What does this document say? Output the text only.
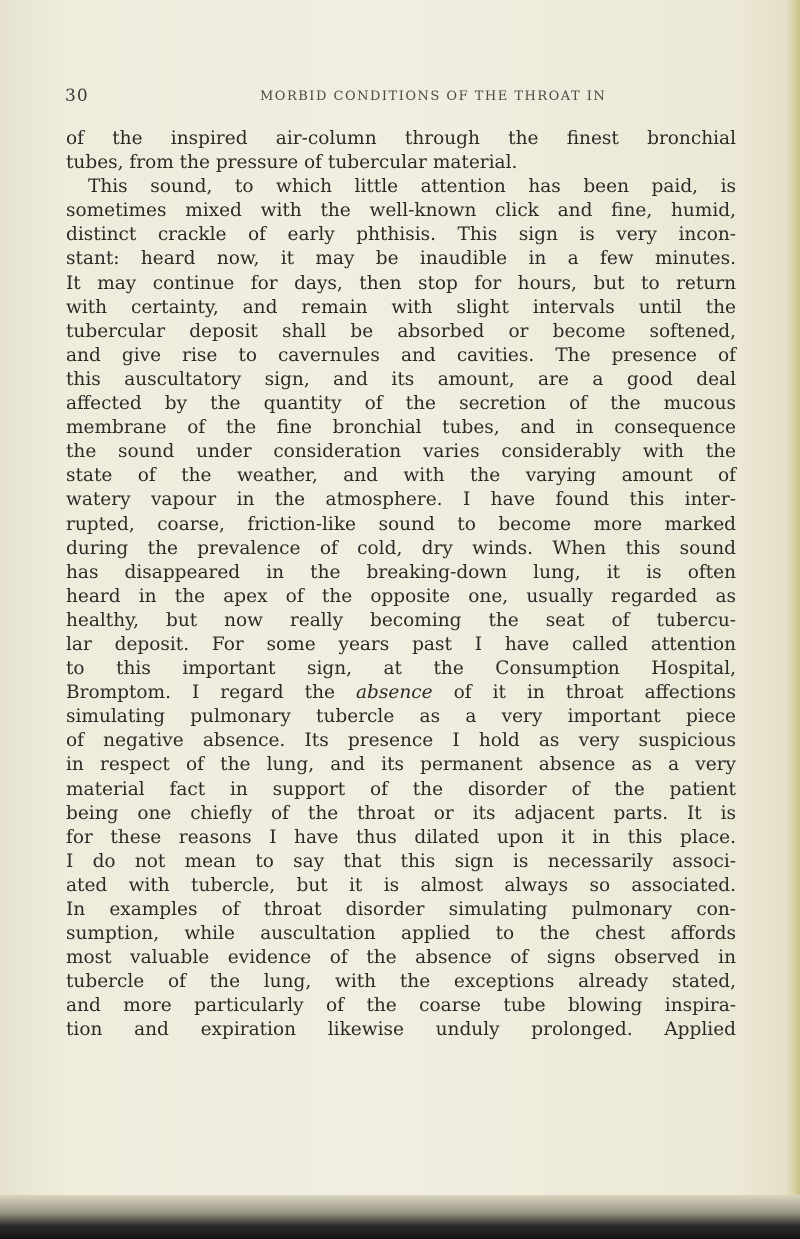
30	MORBID CONDITIONS OF THE THROAT IN
of the inspired air-column through the finest bronchial
tubes, from the pressure of tubercular material.
This sound, to which little attention has been paid, is
sometimes mixed with the well-known click and fine, humid,
distinct crackle of early phthisis. This sign is very incon-
stant: heard now, it may be inaudible in a few minutes.
It may continue for days, then stop for hours, but to return
with certainty, and remain with slight intervals until the
tubercular deposit shall be absorbed or become softened,
and give rise to cavernules and cavities. The presence of
this auscultatory sign, and its amount, are a good deal
affected by the quantity of the secretion of the mucous
membrane of the fine bronchial tubes, and in consequence
the sound under consideration varies considerably with the
state of the weather, and with the varying amount of
watery vapour in the atmosphere. I have found this inter-
rupted, coarse, friction-like sound to become more marked
during the prevalence of cold, dry winds. When this sound
has disappeared in the breaking-down lung, it is often
heard in the apex of the opposite one, usually regarded as
healthy, but now really becoming the seat of tubercu-
lar deposit. For some years past I have called attention
to this important sign, at the Consumption Hospital,
Bromptom. I regard the absence of it in throat affections
simulating pulmonary tubercle as a very important piece
of negative absence. Its presence I hold as very suspicious
in respect of the lung, and its permanent absence as a very
material fact in support of the disorder of the patient
being one chiefly of the throat or its adjacent parts. It is
for these reasons I have thus dilated upon it in this place.
I do not mean to say that this sign is necessarily associ-
ated with tubercle, but it is almost always so associated.
In examples of throat disorder simulating pulmonary con-
sumption, while auscultation applied to the chest affords
most valuable evidence of the absence of signs observed in
tubercle of the lung, with the exceptions already stated,
and more particularly of the coarse tube blowing inspira-
tion and expiration likewise unduly prolonged. Applied
